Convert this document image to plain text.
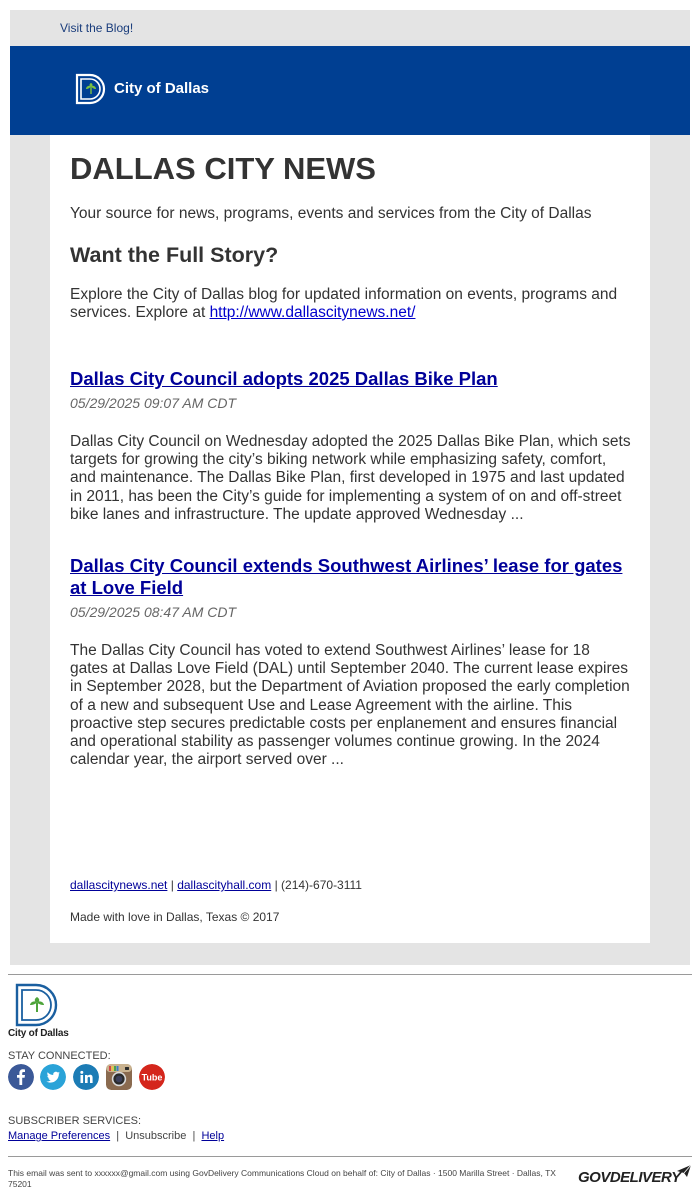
Visit the Blog!
City of Dallas
DALLAS CITY NEWS

Your source for news, programs, events and services from the City of Dallas

Want the Full Story?

Explore the City of Dallas blog for updated information on events, programs and services. Explore at http://www.dallascitynews.net/

Dallas City Council adopts 2025 Dallas Bike Plan
05/29/2025 09:07 AM CDT
Dallas City Council on Wednesday adopted the 2025 Dallas Bike Plan, which sets targets for growing the city’s biking network while emphasizing safety, comfort, and maintenance. The Dallas Bike Plan, first developed in 1975 and last updated in 2011, has been the City’s guide for implementing a system of on and off-street bike lanes and infrastructure. The update approved Wednesday ...
Dallas City Council extends Southwest Airlines’ lease for gates at Love Field
05/29/2025 08:47 AM CDT
The Dallas City Council has voted to extend Southwest Airlines’ lease for 18 gates at Dallas Love Field (DAL) until September 2040. The current lease expires in September 2028, but the Department of Aviation proposed the early completion of a new and subsequent Use and Lease Agreement with the airline. This proactive step secures predictable costs per enplanement and ensures financial and operational stability as passenger volumes continue growing. In the 2024 calendar year, the airport served over ...
dallascitynews.net | dallascityhall.com | (214)-670-3111
Made with love in Dallas, Texas © 2017
City of Dallas
STAY CONNECTED:
Tube
SUBSCRIBER SERVICES:
Manage Preferences  |  Unsubscribe  |  Help
This email was sent to xxxxxx@gmail.com using GovDelivery Communications Cloud on behalf of: City of Dallas · 1500 Marilla Street · Dallas, TX 75201	GOVDELIVERY
